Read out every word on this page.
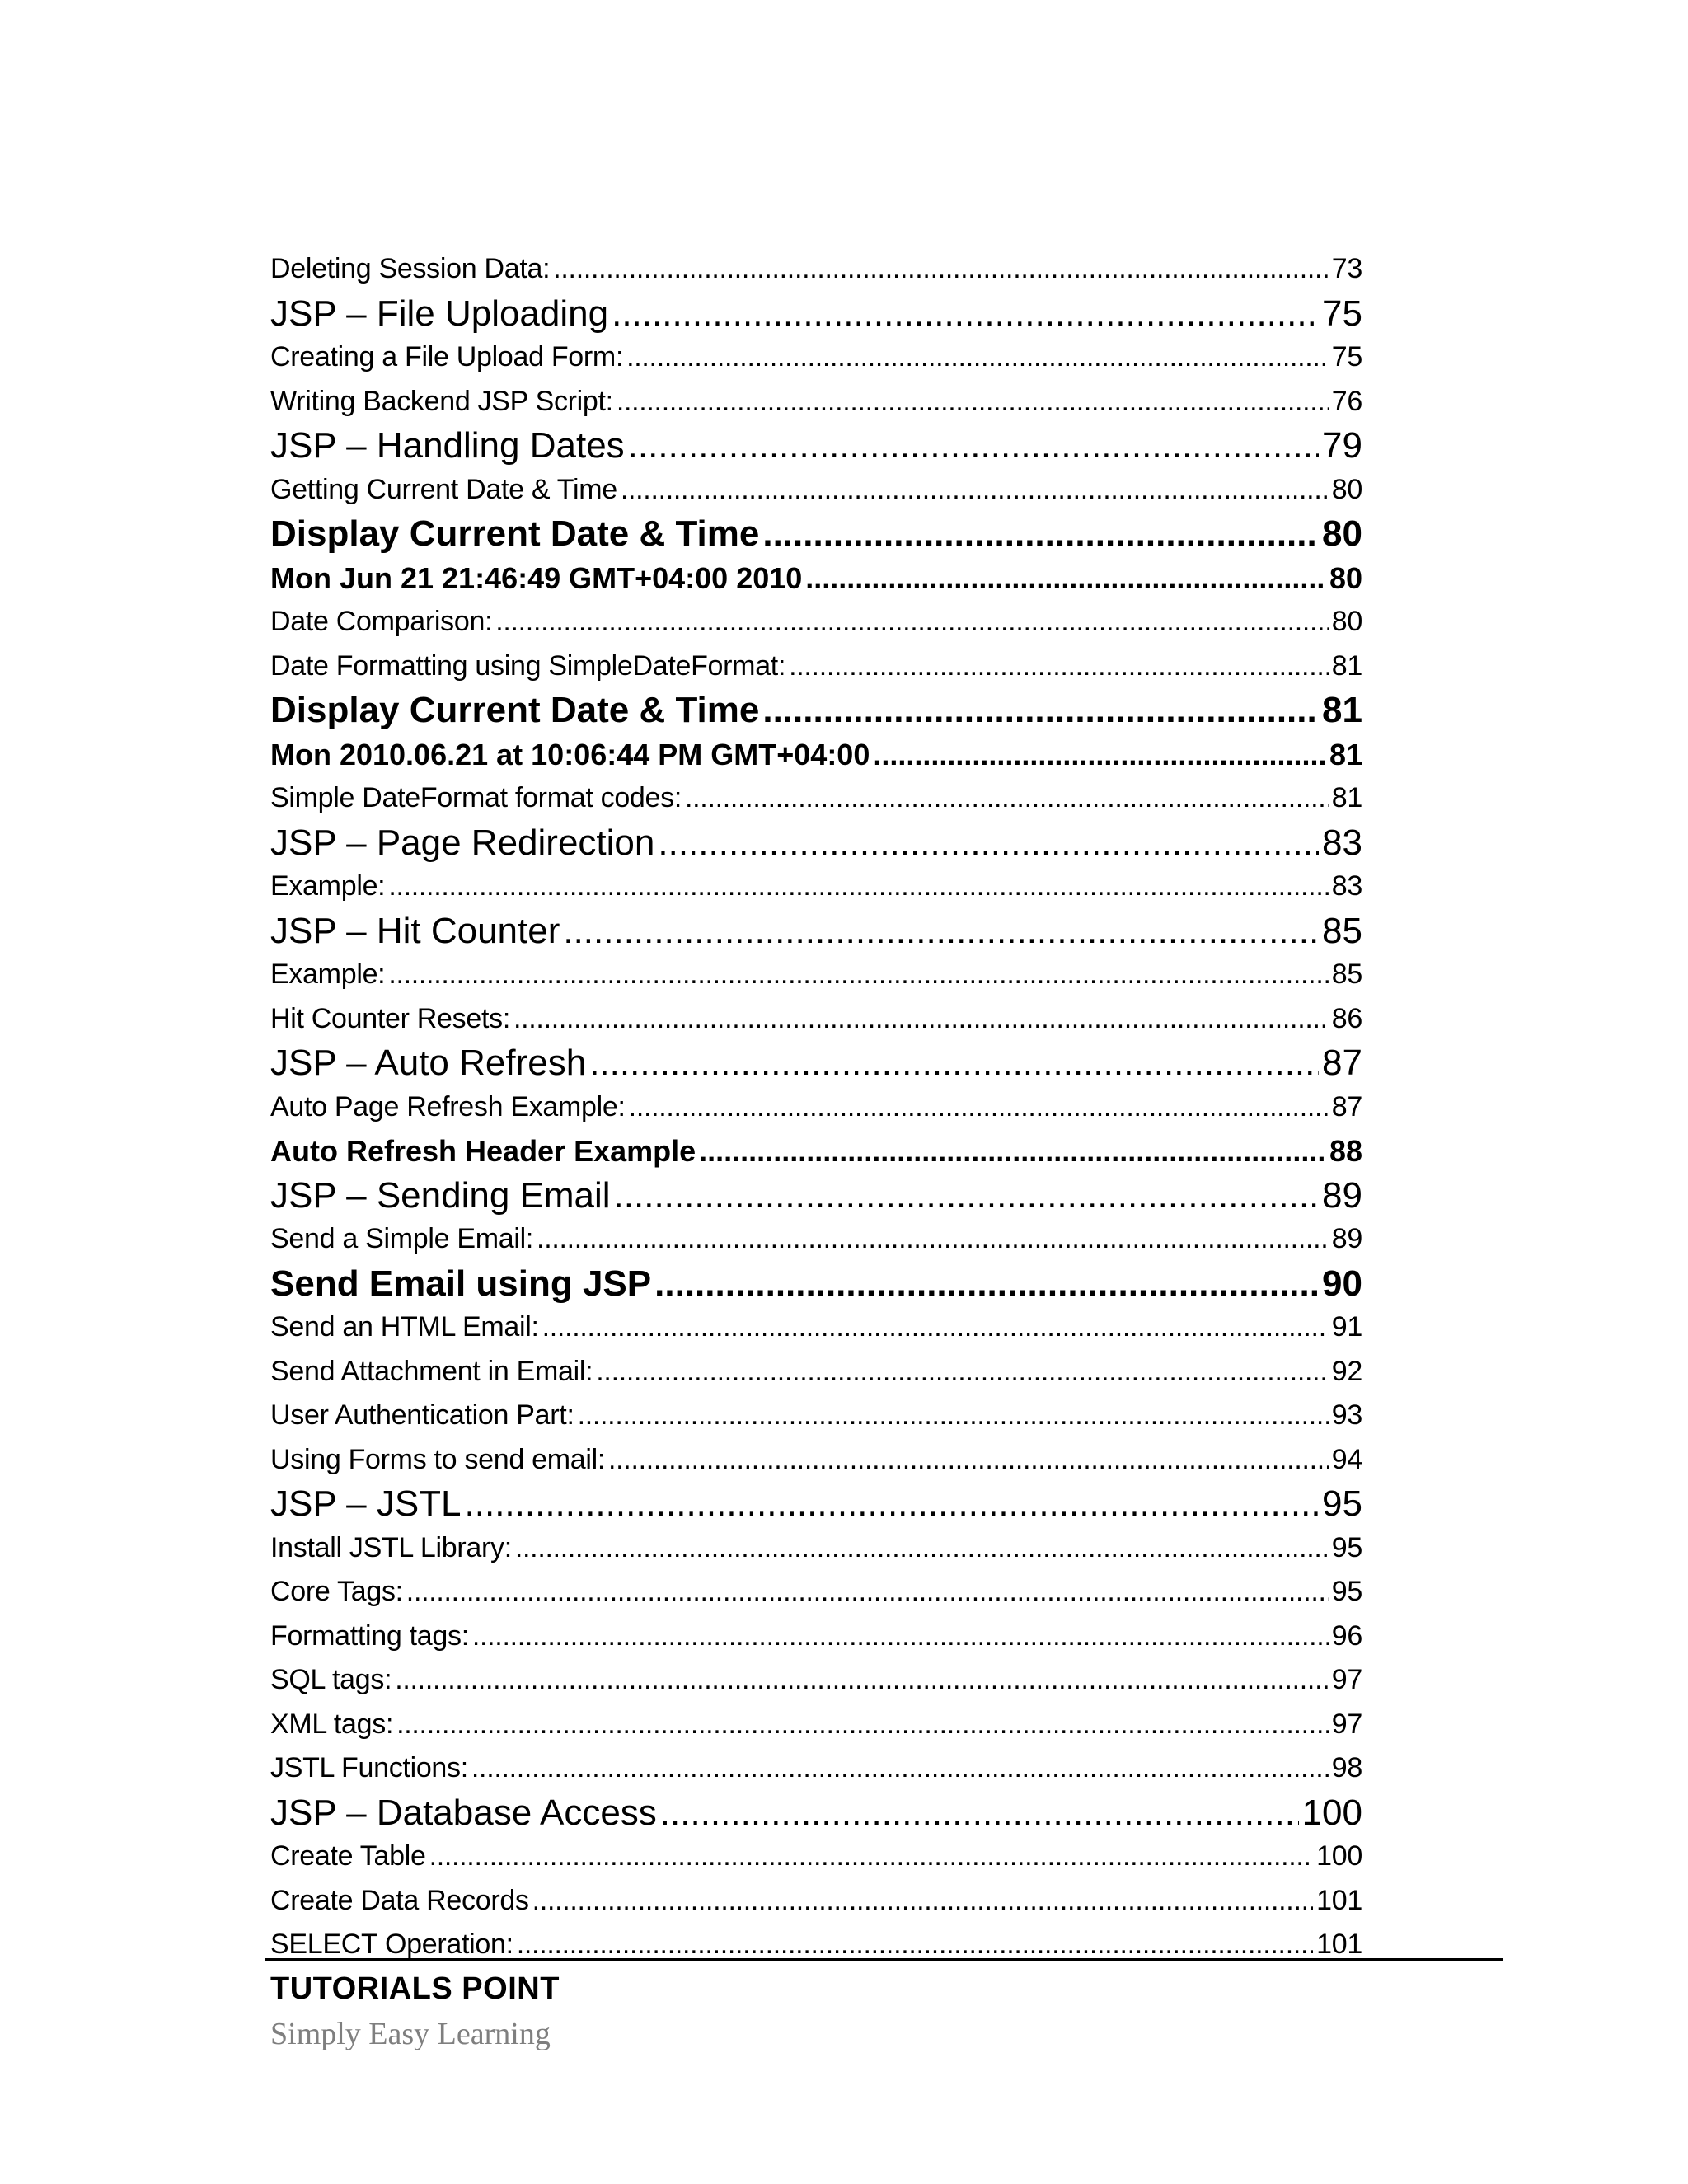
Deleting Session Data: .....	73
JSP – File Uploading .....	75
Creating a File Upload Form: .....	75
Writing Backend JSP Script: .....	76
JSP – Handling Dates .....	79
Getting Current Date & Time .....	80
Display Current Date & Time .....	80
Mon Jun 21 21:46:49 GMT+04:00 2010 .....	80
Date Comparison: .....	80
Date Formatting using SimpleDateFormat: .....	81
Display Current Date & Time .....	81
Mon 2010.06.21 at 10:06:44 PM GMT+04:00 .....	81
Simple DateFormat format codes: .....	81
JSP – Page Redirection .....	83
Example: .....	83
JSP – Hit Counter .....	85
Example: .....	85
Hit Counter Resets: .....	86
JSP – Auto Refresh .....	87
Auto Page Refresh Example: .....	87
Auto Refresh Header Example .....	88
JSP – Sending Email .....	89
Send a Simple Email: .....	89
Send Email using JSP .....	90
Send an HTML Email: .....	91
Send Attachment in Email: .....	92
User Authentication Part: .....	93
Using Forms to send email: .....	94
JSP – JSTL .....	95
Install JSTL Library: .....	95
Core Tags: .....	95
Formatting tags: .....	96
SQL tags: .....	97
XML tags: .....	97
JSTL Functions: .....	98
JSP – Database Access .....	100
Create Table .....	100
Create Data Records .....	101
SELECT Operation: .....	101
TUTORIALS POINT
Simply Easy Learning
